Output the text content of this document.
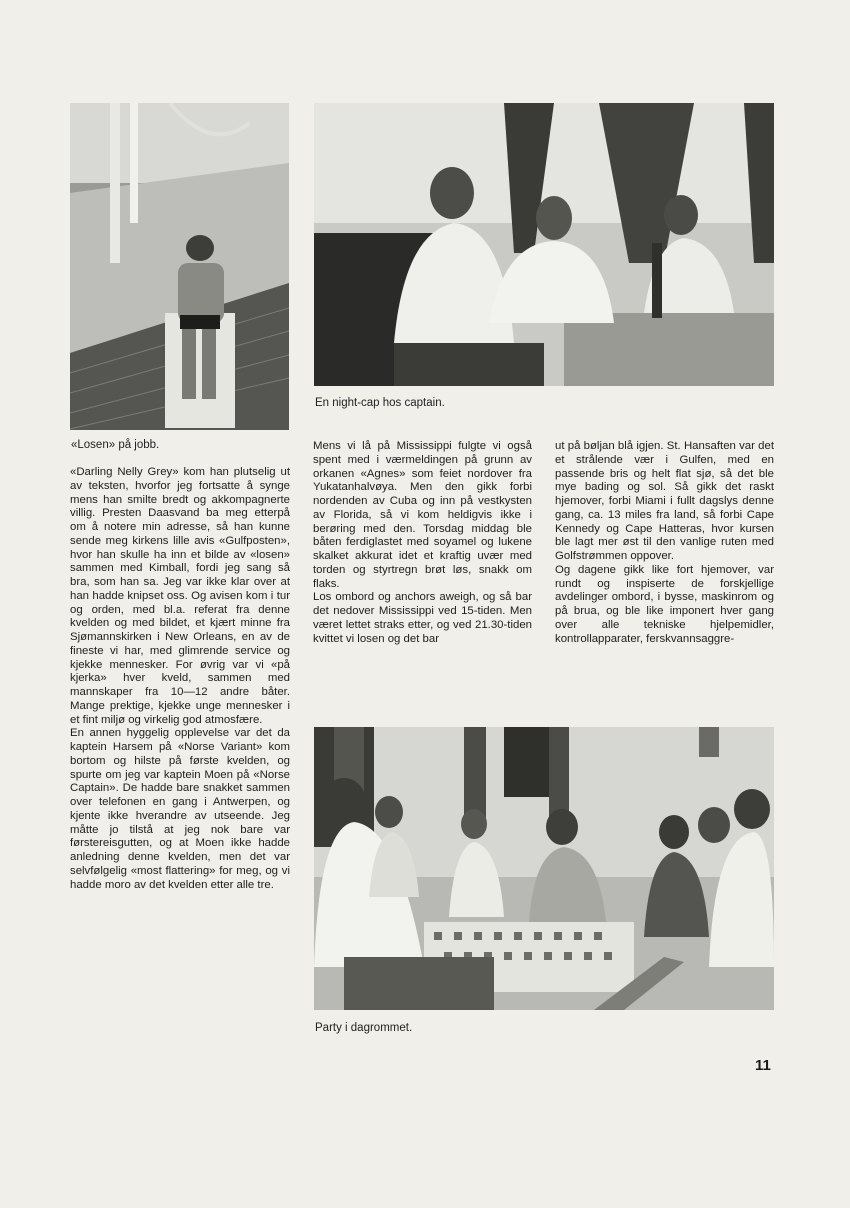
«Losen» på jobb.
En night-cap hos captain.

«Darling Nelly Grey» kom han plutselig ut av teksten, hvorfor jeg fortsatte å synge mens han smilte bredt og akkompagnerte villig. Presten Daasvand ba meg etterpå om å notere min adresse, så han kunne sende meg kirkens lille avis «Gulfposten», hvor han skulle ha inn et bilde av «losen» sammen med Kimball, fordi jeg sang så bra, som han sa. Jeg var ikke klar over at han hadde knipset oss. Og avisen kom i tur og orden, med bl.a. referat fra denne kvelden og med bildet, et kjært minne fra Sjømannskirken i New Orleans, en av de fineste vi har, med glimrende service og kjekke mennesker. For øvrig var vi «på kjerka» hver kveld, sammen med mannskaper fra 10—12 andre båter. Mange prektige, kjekke unge mennesker i et fint miljø og virkelig god atmosfære.

En annen hyggelig opplevelse var det da kaptein Harsem på «Norse Variant» kom bortom og hilste på første kvelden, og spurte om jeg var kaptein Moen på «Norse Captain». De hadde bare snakket sammen over telefonen en gang i Antwerpen, og kjente ikke hverandre av utseende. Jeg måtte jo tilstå at jeg nok bare var førstereisgutten, og at Moen ikke hadde anledning denne kvelden, men det var selvfølgelig «most flattering» for meg, og vi hadde moro av det kvelden etter alle tre.

Mens vi lå på Mississippi fulgte vi også spent med i værmeldingen på grunn av orkanen «Agnes» som feiet nordover fra Yukatanhalvøya. Men den gikk forbi nordenden av Cuba og inn på vestkysten av Florida, så vi kom heldigvis ikke i berøring med den. Torsdag middag ble båten ferdiglastet med soyamel og lukene skalket akkurat idet et kraftig uvær med torden og styrtregn brøt løs, snakk om flaks.

Los ombord og anchors aweigh, og så bar det nedover Mississippi ved 15-tiden. Men været lettet straks etter, og ved 21.30-tiden kvittet vi losen og det bar

ut på bøljan blå igjen. St. Hansaften var det et strålende vær i Gulfen, med en passende bris og helt flat sjø, så det ble mye bading og sol. Så gikk det raskt hjemover, forbi Miami i fullt dagslys denne gang, ca. 13 miles fra land, så forbi Cape Kennedy og Cape Hatteras, hvor kursen ble lagt mer øst til den vanlige ruten med Golfstrømmen oppover.

Og dagene gikk like fort hjemover, var rundt og inspiserte de forskjellige avdelinger ombord, i bysse, maskinrom og på brua, og ble like imponert hver gang over alle tekniske hjelpemidler, kontrollapparater, ferskvannsaggre-

Party i dagrommet.
11
